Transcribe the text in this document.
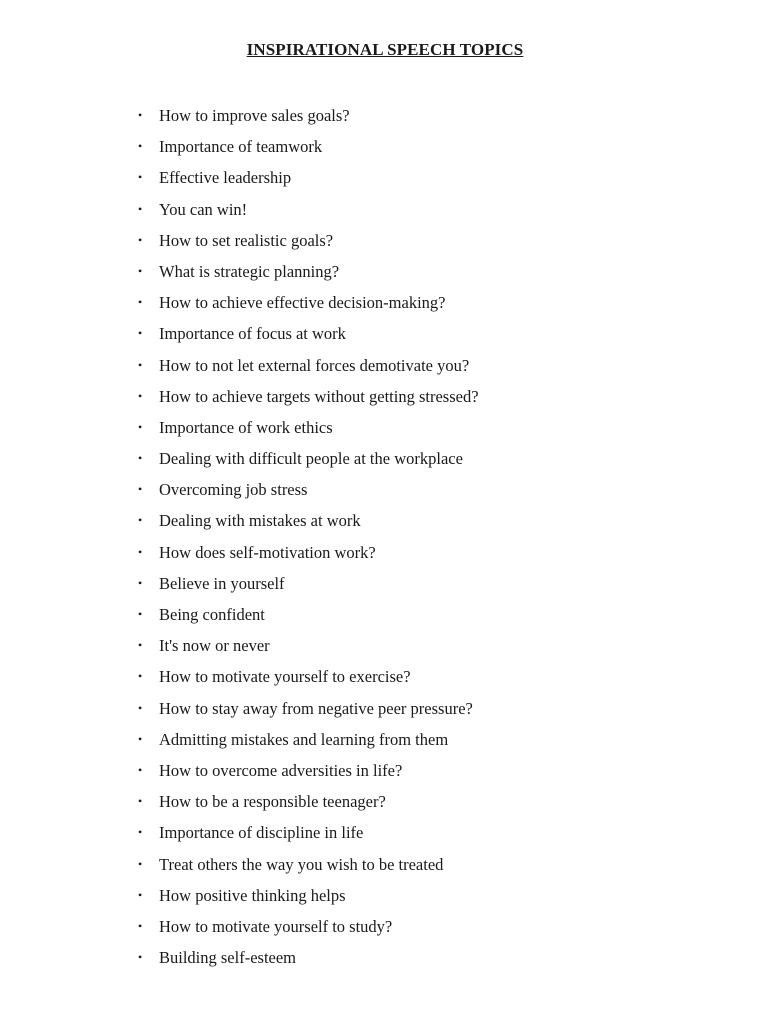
INSPIRATIONAL SPEECH TOPICS
•	How to improve sales goals?
•	Importance of teamwork
•	Effective leadership
•	You can win!
•	How to set realistic goals?
•	What is strategic planning?
•	How to achieve effective decision-making?
•	Importance of focus at work
•	How to not let external forces demotivate you?
•	How to achieve targets without getting stressed?
•	Importance of work ethics
•	Dealing with difficult people at the workplace
•	Overcoming job stress
•	Dealing with mistakes at work
•	How does self-motivation work?
•	Believe in yourself
•	Being confident
•	It's now or never
•	How to motivate yourself to exercise?
•	How to stay away from negative peer pressure?
•	Admitting mistakes and learning from them
•	How to overcome adversities in life?
•	How to be a responsible teenager?
•	Importance of discipline in life
•	Treat others the way you wish to be treated
•	How positive thinking helps
•	How to motivate yourself to study?
•	Building self-esteem
